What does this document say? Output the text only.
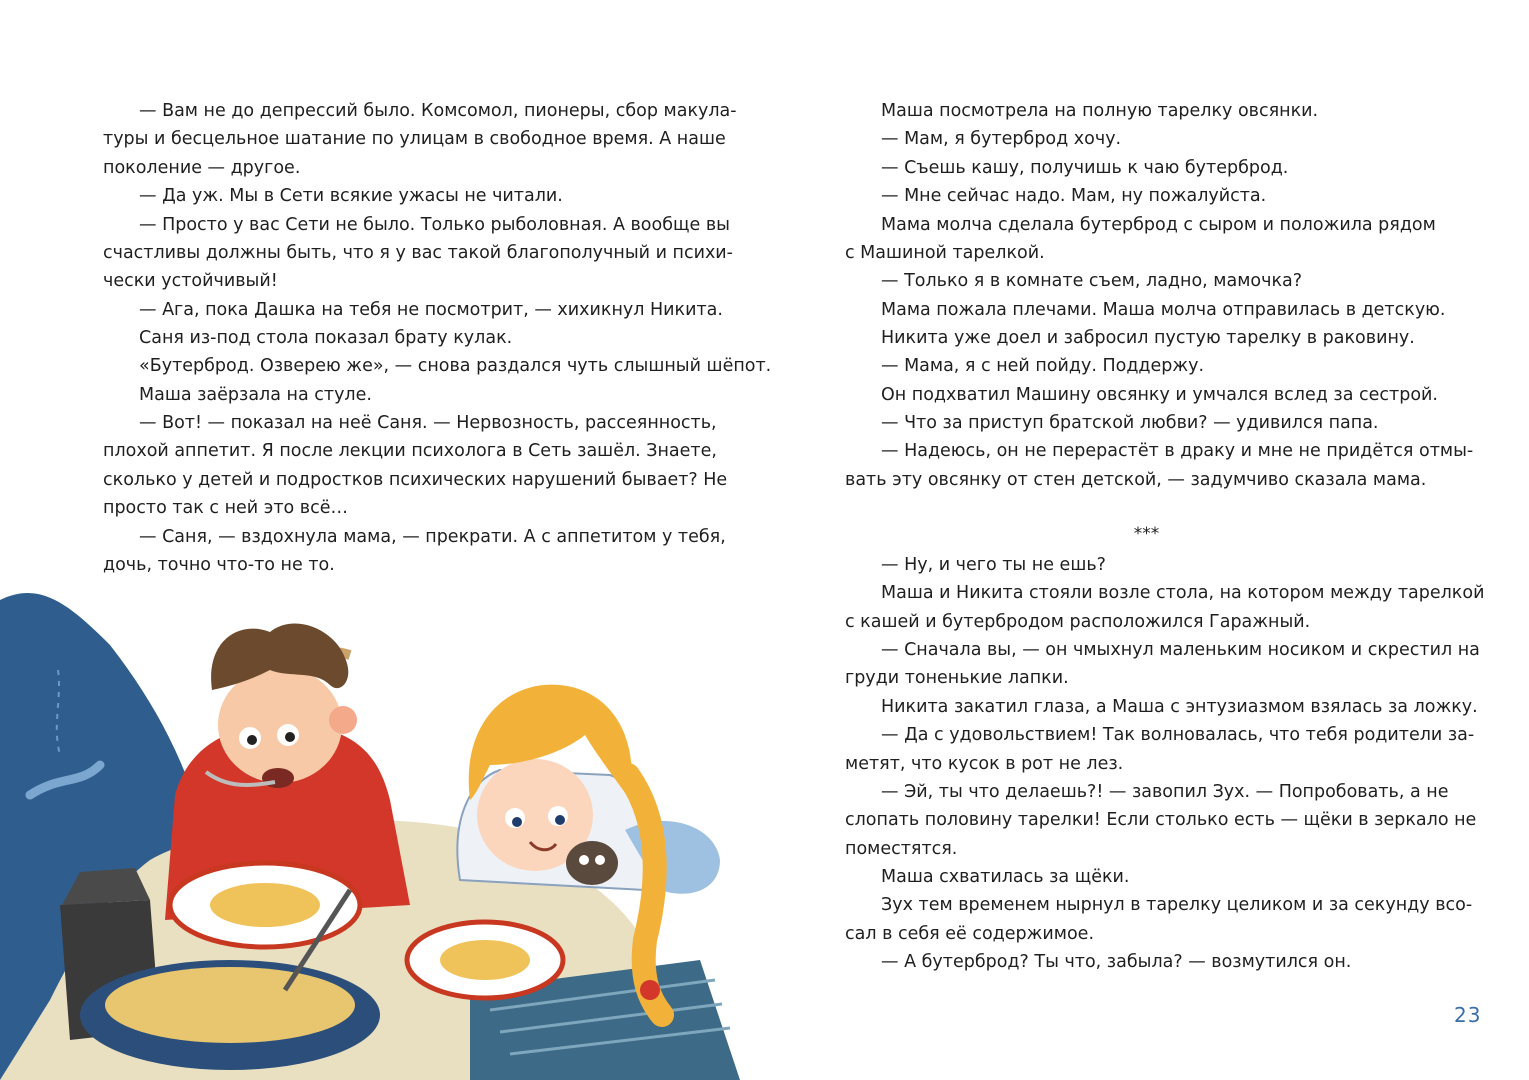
— Вам не до депрессий было. Комсомол, пионеры, сбор макула-

туры и бесцельное шатание по улицам в свободное время. А наше

поколение — другое.

— Да уж. Мы в Сети всякие ужасы не читали.

— Просто у вас Сети не было. Только рыболовная. А вообще вы

счастливы должны быть, что я у вас такой благополучный и психи-

чески устойчивый!

— Ага, пока Дашка на тебя не посмотрит, — хихикнул Никита.

Саня из-под стола показал брату кулак.

«Бутерброд. Озверею же», — снова раздался чуть слышный шёпот.

Маша заёрзала на стуле.

— Вот! — показал на неё Саня. — Нервозность, рассеянность,

плохой аппетит. Я после лекции психолога в Сеть зашёл. Знаете,

сколько у детей и подростков психических нарушений бывает? Не

просто так с ней это всё…

— Саня, — вздохнула мама, — прекрати. А с аппетитом у тебя,

дочь, точно что-то не то.

Маша посмотрела на полную тарелку овсянки.

— Мам, я бутерброд хочу.

— Съешь кашу, получишь к чаю бутерброд.

— Мне сейчас надо. Мам, ну пожалуйста.

Мама молча сделала бутерброд с сыром и положила рядом

с Машиной тарелкой.

— Только я в комнате съем, ладно, мамочка?

Мама пожала плечами. Маша молча отправилась в детскую.

Никита уже доел и забросил пустую тарелку в раковину.

— Мама, я с ней пойду. Поддержу.

Он подхватил Машину овсянку и умчался вслед за сестрой.

— Что за приступ братской любви? — удивился папа.

— Надеюсь, он не перерастёт в драку и мне не придётся отмы-

вать эту овсянку от стен детской, — задумчиво сказала мама.

***

— Ну, и чего ты не ешь?

Маша и Никита стояли возле стола, на котором между тарелкой

с кашей и бутербродом расположился Гаражный.

— Сначала вы, — он чмыхнул маленьким носиком и скрестил на

груди тоненькие лапки.

Никита закатил глаза, а Маша с энтузиазмом взялась за ложку.

— Да с удовольствием! Так волновалась, что тебя родители за-

метят, что кусок в рот не лез.

— Эй, ты что делаешь?! — завопил Зух. — Попробовать, а не

слопать половину тарелки! Если столько есть — щёки в зеркало не

поместятся.

Маша схватилась за щёки.

Зух тем временем нырнул в тарелку целиком и за секунду всо-

сал в себя её содержимое.

— А бутерброд? Ты что, забыла? — возмутился он.

23
